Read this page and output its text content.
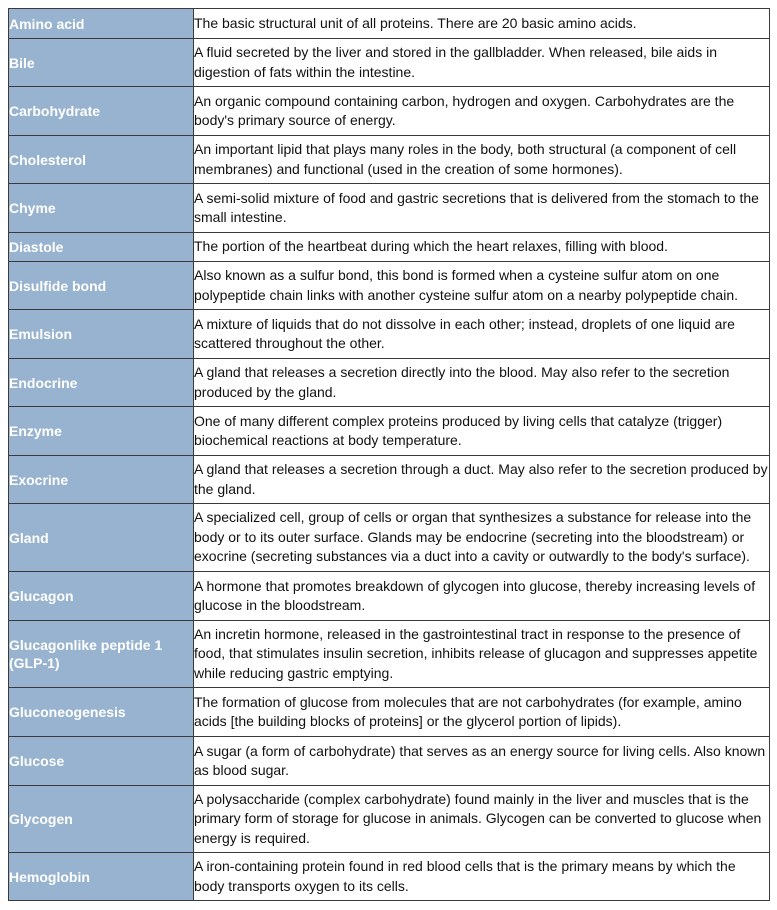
Amino acid	The basic structural unit of all proteins. There are 20 basic amino acids.
Bile	A fluid secreted by the liver and stored in the gallbladder. When released, bile aids in digestion of fats within the intestine.
Carbohydrate	An organic compound containing carbon, hydrogen and oxygen. Carbohydrates are the body's primary source of energy.
Cholesterol	An important lipid that plays many roles in the body, both structural (a component of cell membranes) and functional (used in the creation of some hormones).
Chyme	A semi-solid mixture of food and gastric secretions that is delivered from the stomach to the small intestine.
Diastole	The portion of the heartbeat during which the heart relaxes, filling with blood.
Disulfide bond	Also known as a sulfur bond, this bond is formed when a cysteine sulfur atom on one polypeptide chain links with another cysteine sulfur atom on a nearby polypeptide chain.
Emulsion	A mixture of liquids that do not dissolve in each other; instead, droplets of one liquid are scattered throughout the other.
Endocrine	A gland that releases a secretion directly into the blood. May also refer to the secretion produced by the gland.
Enzyme	One of many different complex proteins produced by living cells that catalyze (trigger) biochemical reactions at body temperature.
Exocrine	A gland that releases a secretion through a duct. May also refer to the secretion produced by the gland.
Gland	A specialized cell, group of cells or organ that synthesizes a substance for release into the body or to its outer surface. Glands may be endocrine (secreting into the bloodstream) or exocrine (secreting substances via a duct into a cavity or outwardly to the body's surface).
Glucagon	A hormone that promotes breakdown of glycogen into glucose, thereby increasing levels of glucose in the bloodstream.
Glucagonlike peptide 1 (GLP-1)	An incretin hormone, released in the gastrointestinal tract in response to the presence of food, that stimulates insulin secretion, inhibits release of glucagon and suppresses appetite while reducing gastric emptying.
Gluconeogenesis	The formation of glucose from molecules that are not carbohydrates (for example, amino acids [the building blocks of proteins] or the glycerol portion of lipids).
Glucose	A sugar (a form of carbohydrate) that serves as an energy source for living cells. Also known as blood sugar.
Glycogen	A polysaccharide (complex carbohydrate) found mainly in the liver and muscles that is the primary form of storage for glucose in animals. Glycogen can be converted to glucose when energy is required.
Hemoglobin	A iron-containing protein found in red blood cells that is the primary means by which the body transports oxygen to its cells.
